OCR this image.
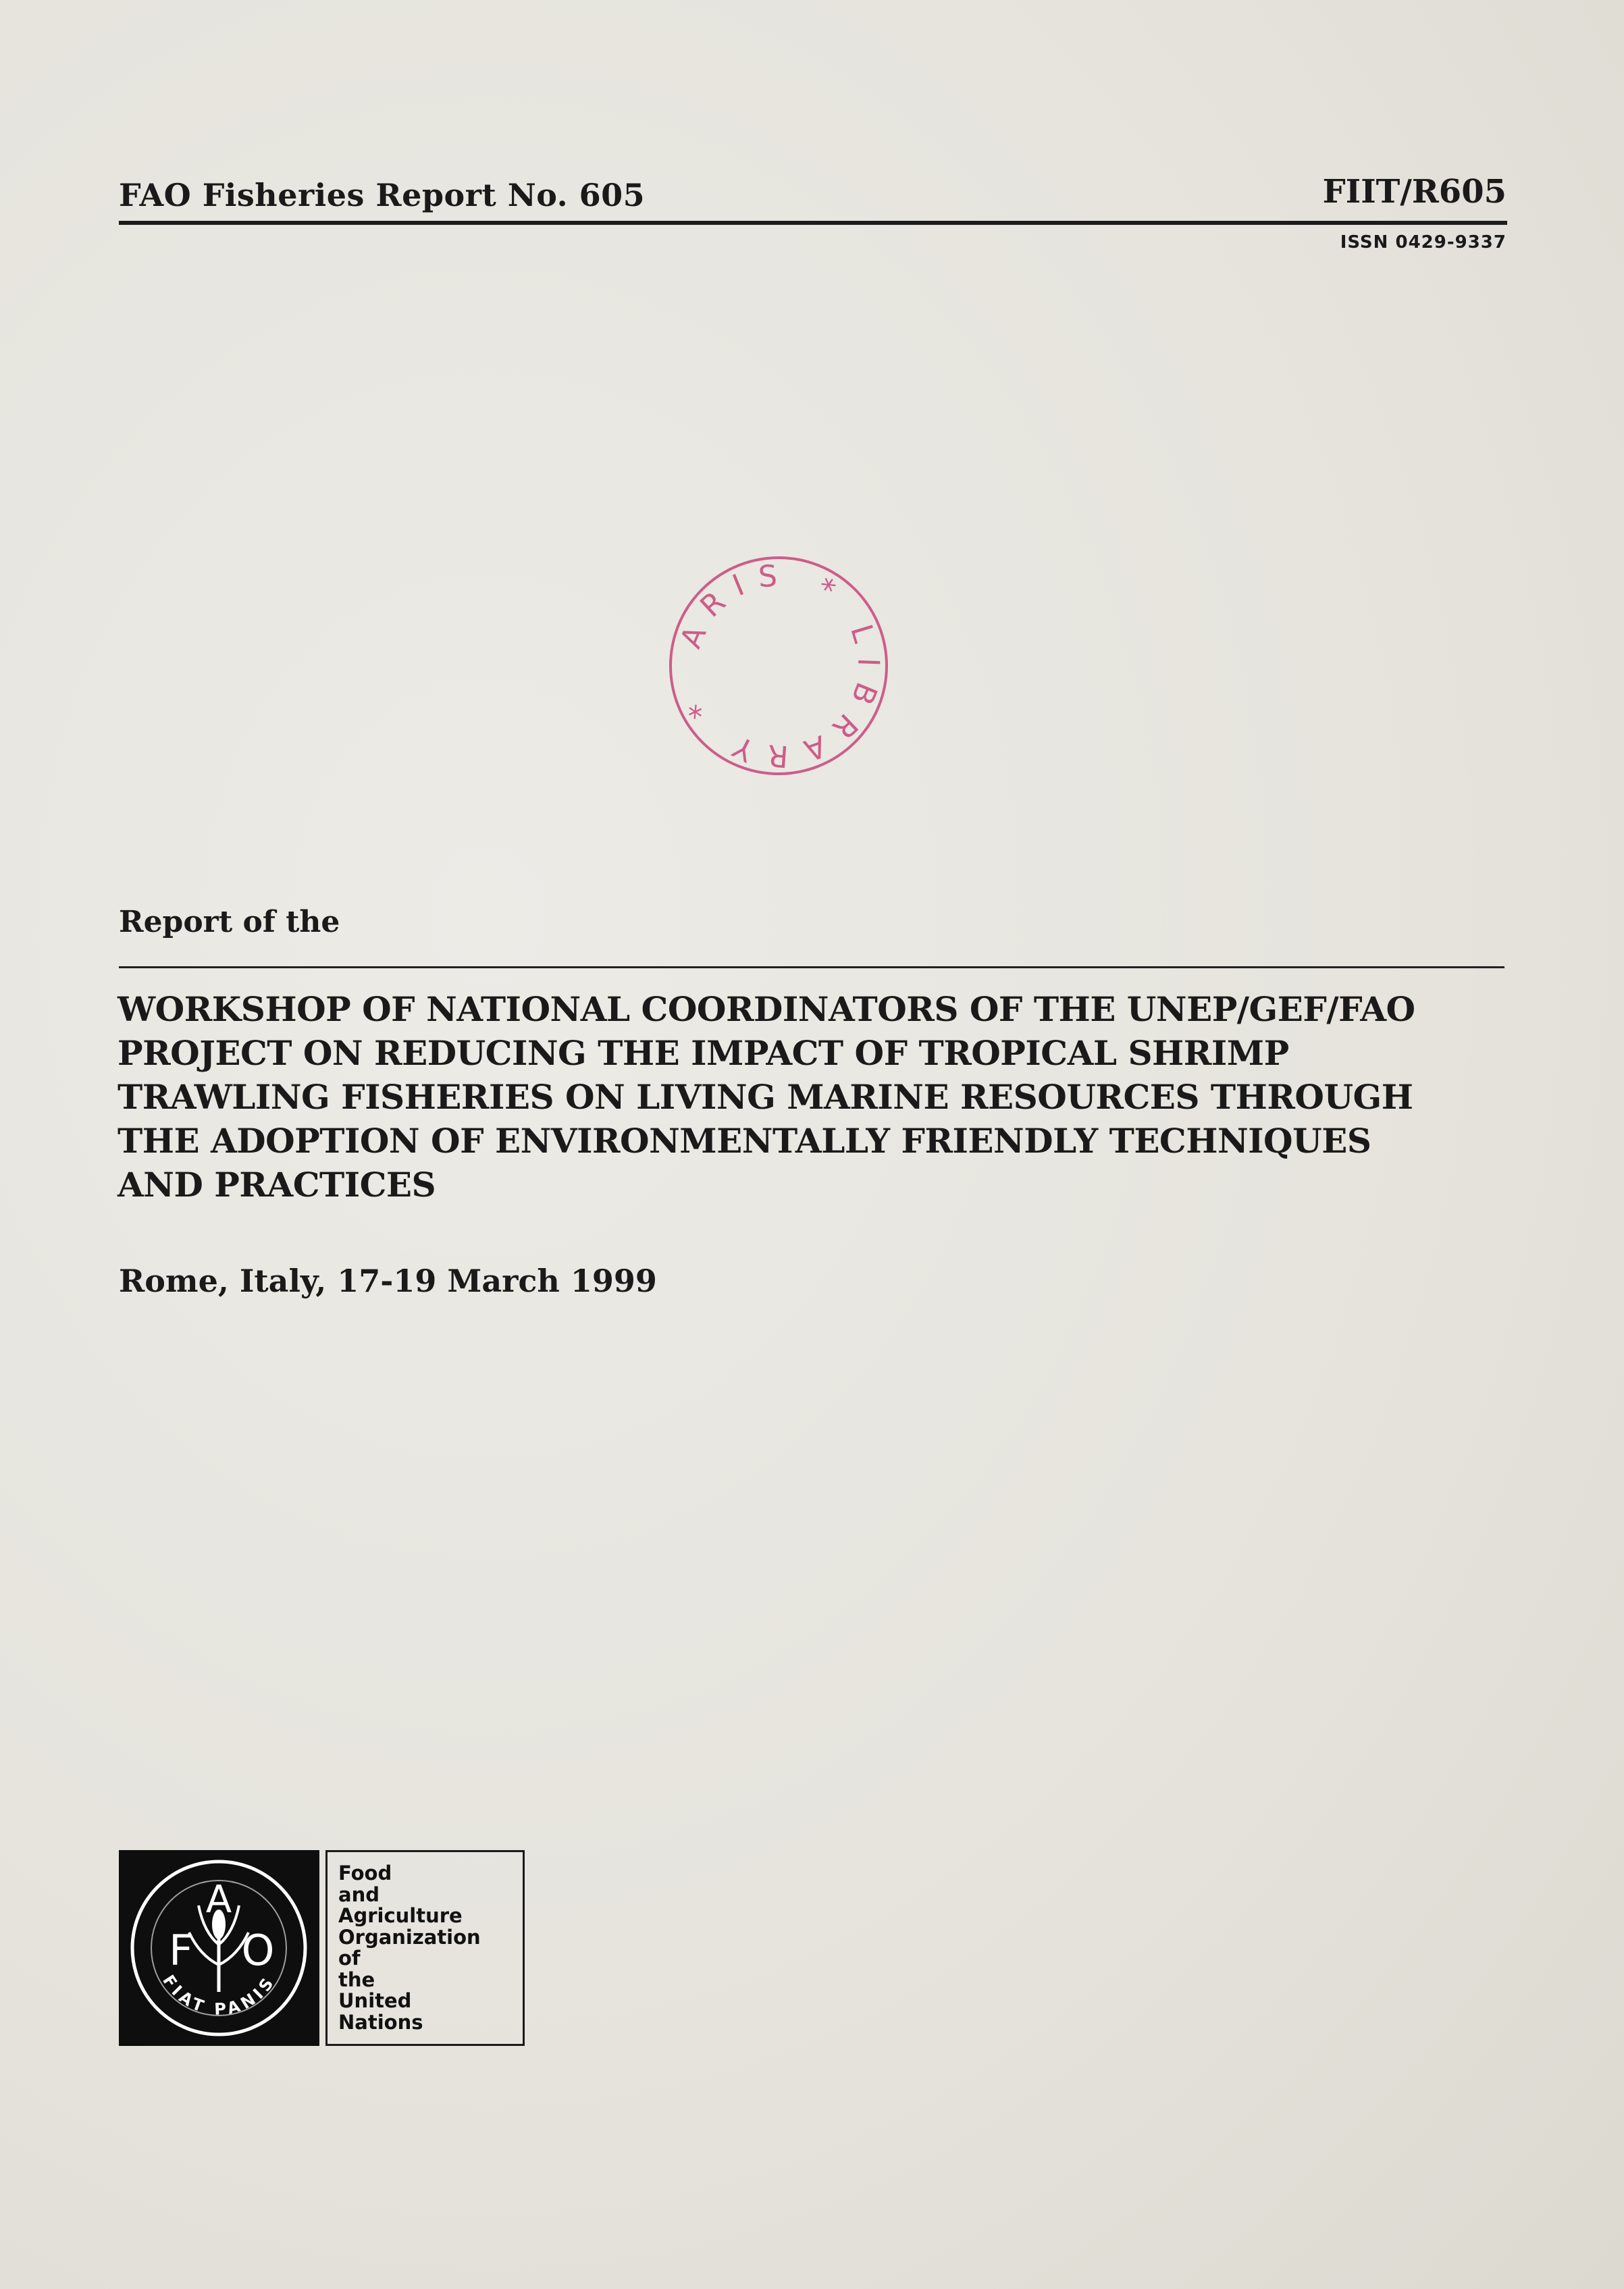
FAO Fisheries Report No. 605	FIIT/R605
ISSN 0429-9337
ARIS * LIBRARY *
Report of the
WORKSHOP OF NATIONAL COORDINATORS OF THE UNEP/GEF/FAO
PROJECT ON REDUCING THE IMPACT OF TROPICAL SHRIMP
TRAWLING FISHERIES ON LIVING MARINE RESOURCES THROUGH
THE ADOPTION OF ENVIRONMENTALLY FRIENDLY TECHNIQUES
AND PRACTICES
Rome, Italy, 17-19 March 1999
F
A
O
FIAT PANIS
Food
and
Agriculture
Organization
of
the
United
Nations
